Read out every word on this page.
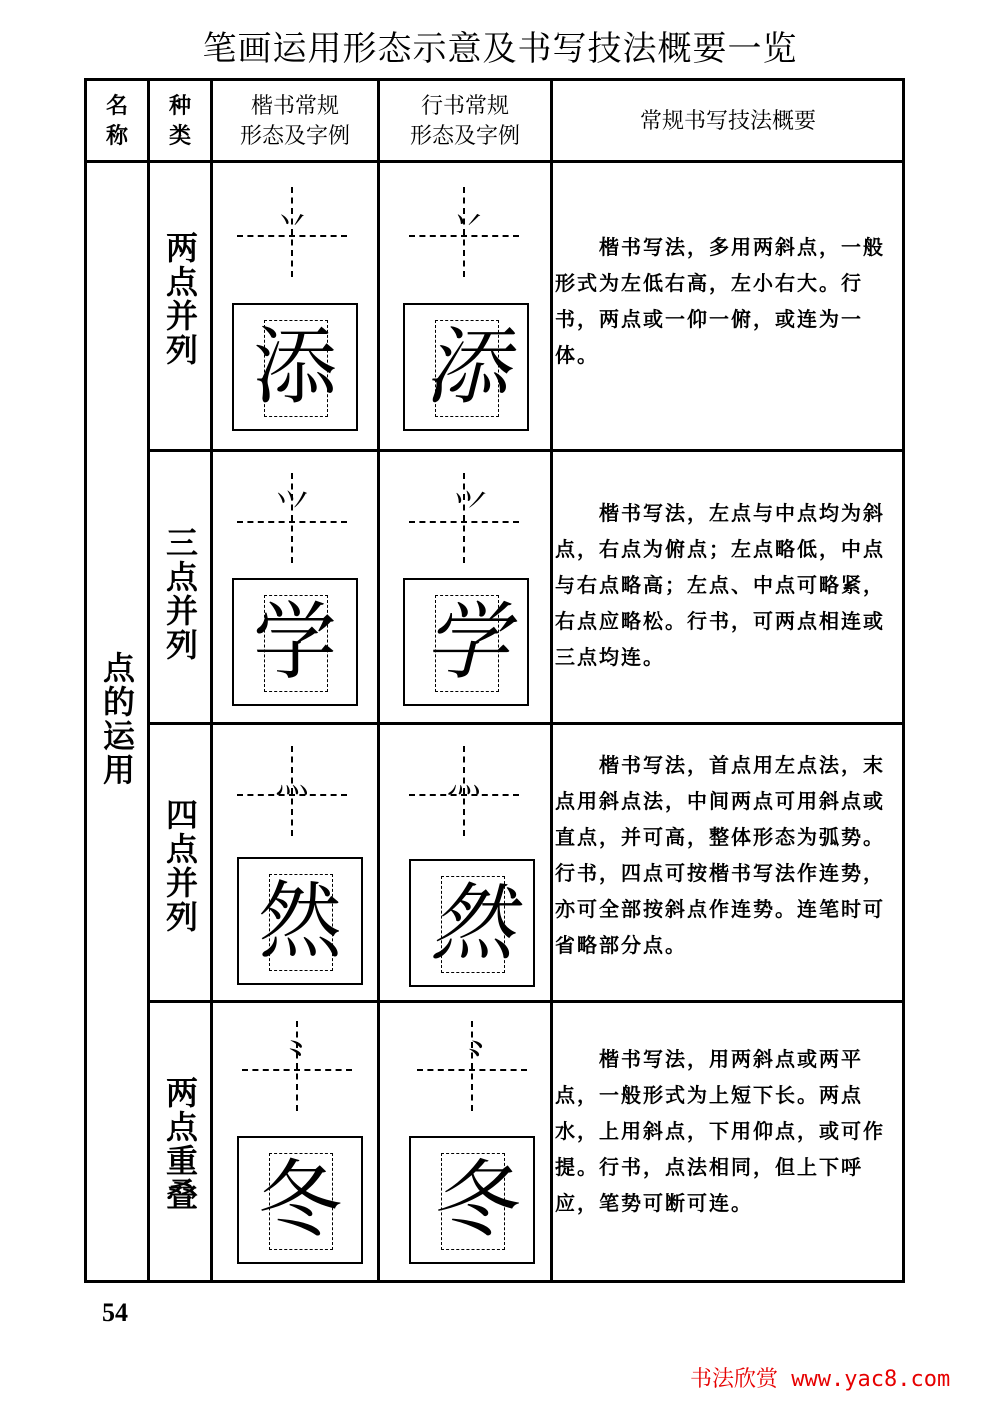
笔画运用形态示意及书写技法概要一览
名
称
种
类
楷书常规
形态及字例
行书常规
形态及字例
常规书写技法概要
点的运用
两点并列
丷
添
丷
添
楷书写法，多用两斜点，一般形式为左低右高，左小右大。行书，两点或一仰一俯，或连为一体。
三点并列
⺍
学
⺍
学
楷书写法，左点与中点均为斜点，右点为俯点；左点略低，中点与右点略高；左点、中点可略紧，右点应略松。行书，可两点相连或三点均连。
四点并列
灬
然
灬
然
楷书写法，首点用左点法，末点用斜点法，中间两点可用斜点或直点，并可高，整体形态为弧势。行书，四点可按楷书写法作连势，亦可全部按斜点作连势。连笔时可省略部分点。
两点重叠
⺀
冬
⺀
冬
楷书写法，用两斜点或两平点，一般形式为上短下长。两点水，上用斜点，下用仰点，或可作提。行书，点法相同，但上下呼应，笔势可断可连。
54
书法欣赏 www.yac8.com
